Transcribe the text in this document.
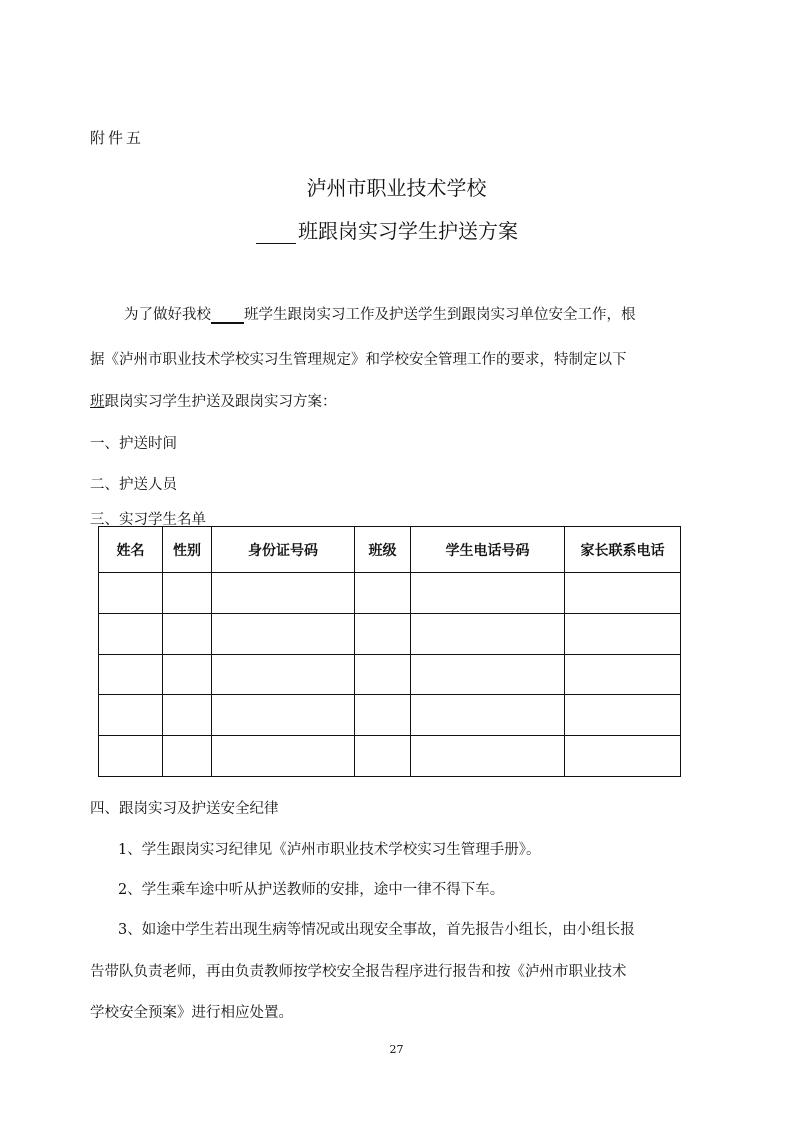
附件五
泸州市职业技术学校
班跟岗实习学生护送方案
为了做好我校 班学生跟岗实习工作及护送学生到跟岗实习单位安全工作，根
据《泸州市职业技术学校实习生管理规定》和学校安全管理工作的要求，特制定以下
班跟岗实习学生护送及跟岗实习方案：
一、护送时间
二、护送人员
三、实习学生名单
姓名	性别	身份证号码	班级	学生电话号码	家长联系电话

四、跟岗实习及护送安全纪律
1、学生跟岗实习纪律见《泸州市职业技术学校实习生管理手册》。
2、学生乘车途中听从护送教师的安排，途中一律不得下车。
3、如途中学生若出现生病等情况或出现安全事故，首先报告小组长，由小组长报
告带队负责老师，再由负责教师按学校安全报告程序进行报告和按《泸州市职业技术
学校安全预案》进行相应处置。
27
